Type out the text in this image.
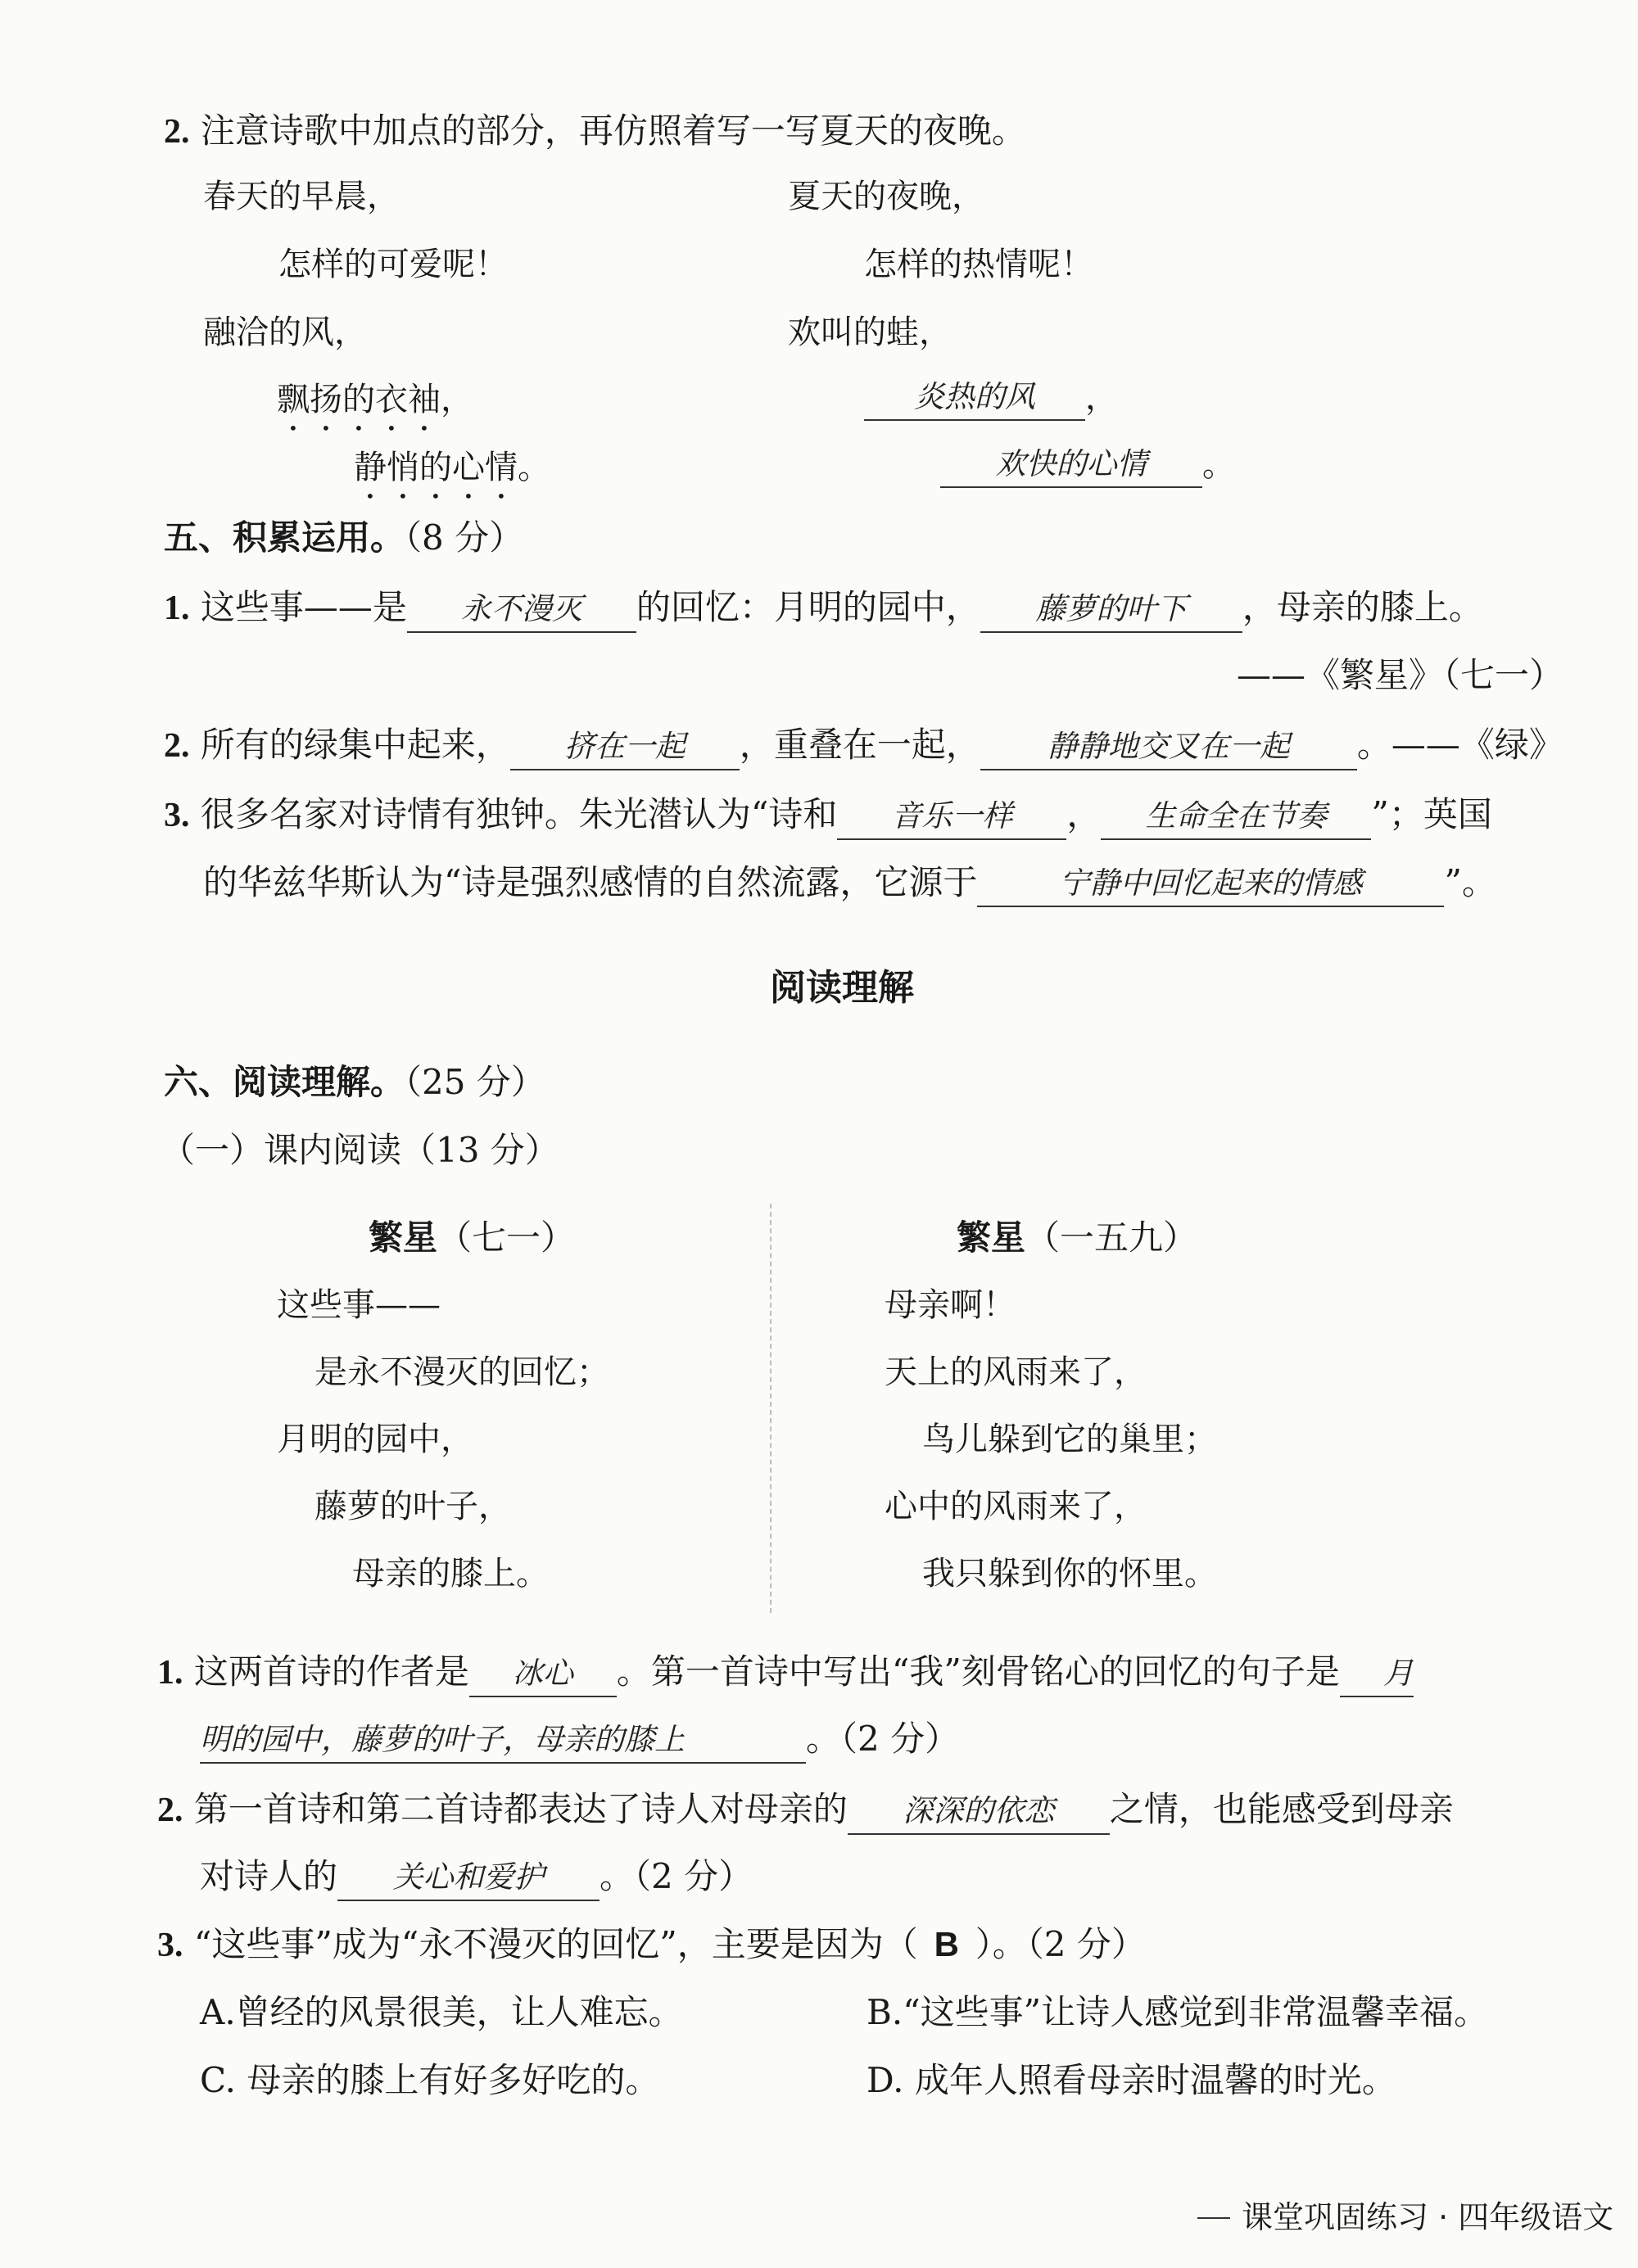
2. 注意诗歌中加点的部分，再仿照着写一写夏天的夜晚。
春天的早晨，
怎样的可爱呢！
融洽的风，
飘扬的衣袖，
静悄的心情。
夏天的夜晚，
怎样的热情呢！
欢叫的蛙，
炎热的风 ，
欢快的心情 。
五、积累运用。（8 分）
1. 这些事——是 永不漫灭 的回忆：月明的园中， 藤萝的叶下 ，母亲的膝上。
——《繁星》（七一）
2. 所有的绿集中起来， 挤在一起 ，重叠在一起， 静静地交叉在一起 。——《绿》
3. 很多名家对诗情有独钟。朱光潜认为“诗和 音乐一样 ， 生命全在节奏 ”；英国
的华兹华斯认为“诗是强烈感情的自然流露，它源于	宁静中回忆起来的情感 ”。
阅读理解
六、阅读理解。（25 分）
（一）课内阅读（13 分）
繁星（七一）
这些事——
是永不漫灭的回忆；
月明的园中，
藤萝的叶子，
母亲的膝上。
繁星（一五九）
母亲啊！
天上的风雨来了，
鸟儿躲到它的巢里；
心中的风雨来了，
我只躲到你的怀里。
1. 这两首诗的作者是 冰心 。第一首诗中写出“我”刻骨铭心的回忆的句子是 月
明的园中，藤萝的叶子，母亲的膝上	。（2 分）
2. 第一首诗和第二首诗都表达了诗人对母亲的 深深的依恋 之情，也能感受到母亲
对诗人的 关心和爱护 。（2 分）
3. “这些事”成为“永不漫灭的回忆”，主要是因为（ B ）。（2 分）
A.曾经的风景很美，让人难忘。	B.“这些事”让诗人感觉到非常温馨幸福。
C. 母亲的膝上有好多好吃的。	D. 成年人照看母亲时温馨的时光。
课堂巩固练习 · 四年级语文
